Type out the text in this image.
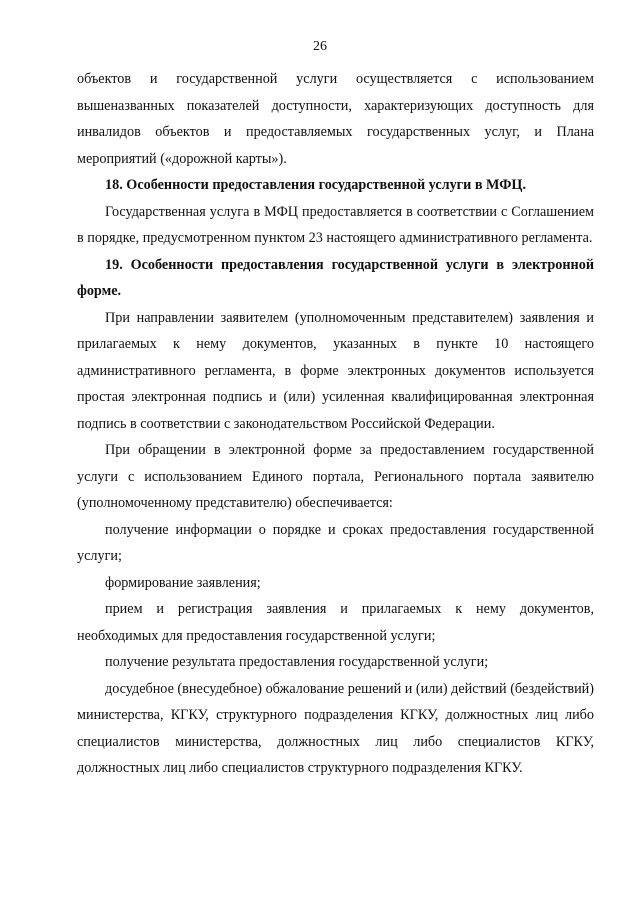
26

объектов и государственной услуги осуществляется с использованием вышеназванных показателей доступности, характеризующих доступность для инвалидов объектов и предоставляемых государственных услуг, и Плана мероприятий («дорожной карты»).

18. Особенности предоставления государственной услуги в МФЦ.

Государственная услуга в МФЦ предоставляется в соответствии с Соглашением в порядке, предусмотренном пунктом 23 настоящего административного регламента.

19. Особенности предоставления государственной услуги в электронной форме.

При направлении заявителем (уполномоченным представителем) заявления и прилагаемых к нему документов, указанных в пункте 10 настоящего административного регламента, в форме электронных документов используется простая электронная подпись и (или) усиленная квалифицированная электронная подпись в соответствии с законодательством Российской Федерации.

При обращении в электронной форме за предоставлением государственной услуги с использованием Единого портала, Регионального портала заявителю (уполномоченному представителю) обеспечивается:

получение информации о порядке и сроках предоставления государственной услуги;

формирование заявления;

прием и регистрация заявления и прилагаемых к нему документов, необходимых для предоставления государственной услуги;

получение результата предоставления государственной услуги;

досудебное (внесудебное) обжалование решений и (или) действий (бездействий) министерства, КГКУ, структурного подразделения КГКУ, должностных лиц либо специалистов министерства, должностных лиц либо специалистов КГКУ, должностных лиц либо специалистов структурного подразделения КГКУ.
